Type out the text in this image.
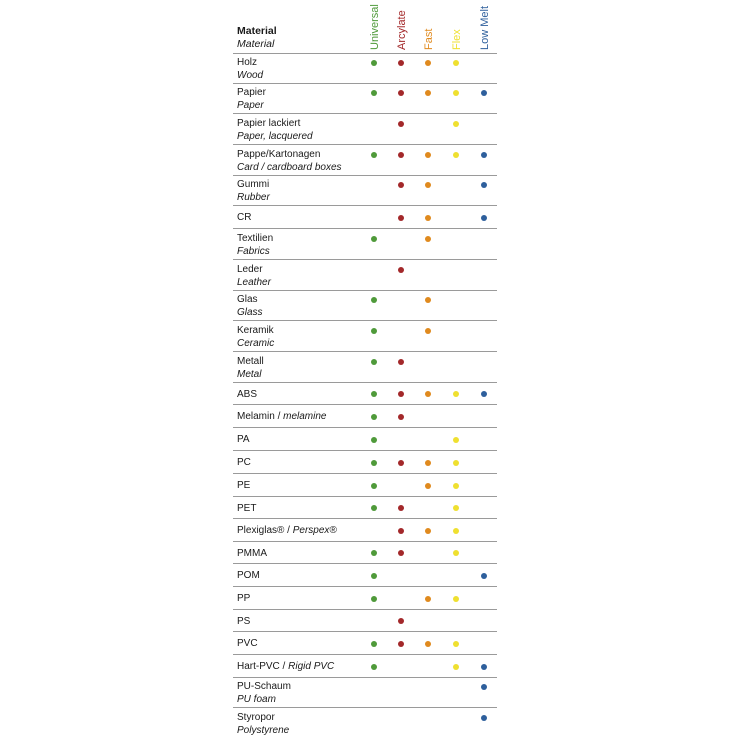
Material
Material	Universal Arcylate Fast Flex Low Melt
Holz
Wood
Papier
Paper
Papier lackiert
Paper, lacquered
Pappe/Kartonagen
Card / cardboard boxes
Gummi
Rubber
CR
Textilien
Fabrics
Leder
Leather
Glas
Glass
Keramik
Ceramic
Metall
Metal
ABS
Melamin / melamine
PA
PC
PE
PET
Plexiglas® / Perspex®
PMMA
POM
PP
PS
PVC
Hart-PVC / Rigid PVC
PU-Schaum
PU foam
Styropor
Polystyrene
